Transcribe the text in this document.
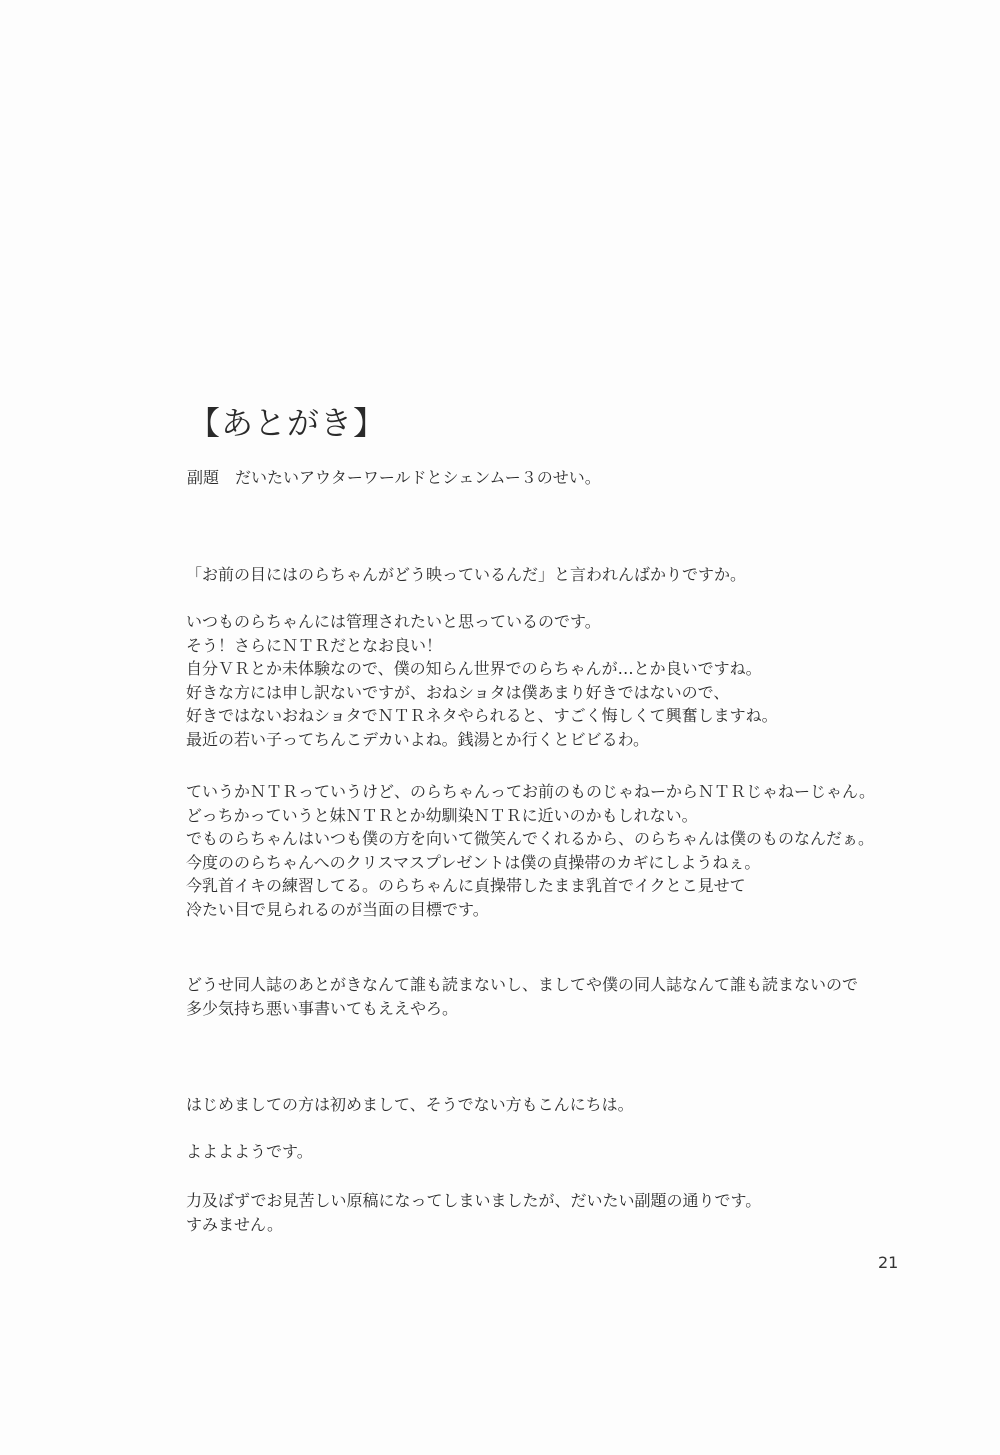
【あとがき】
副題　だいたいアウターワールドとシェンムー３のせい。
「お前の目にはのらちゃんがどう映っているんだ」と言われんばかりですか。
いつものらちゃんには管理されたいと思っているのです。
そう！さらにＮＴＲだとなお良い！
自分ＶＲとか未体験なので、僕の知らん世界でのらちゃんが…とか良いですね。
好きな方には申し訳ないですが、おねショタは僕あまり好きではないので、
好きではないおねショタでＮＴＲネタやられると、すごく悔しくて興奮しますね。
最近の若い子ってちんこデカいよね。銭湯とか行くとビビるわ。
ていうかＮＴＲっていうけど、のらちゃんってお前のものじゃねーからＮＴＲじゃねーじゃん。
どっちかっていうと妹ＮＴＲとか幼馴染ＮＴＲに近いのかもしれない。
でものらちゃんはいつも僕の方を向いて微笑んでくれるから、のらちゃんは僕のものなんだぁ。
今度ののらちゃんへのクリスマスプレゼントは僕の貞操帯のカギにしようねぇ。
今乳首イキの練習してる。のらちゃんに貞操帯したまま乳首でイクとこ見せて
冷たい目で見られるのが当面の目標です。
どうせ同人誌のあとがきなんて誰も読まないし、ましてや僕の同人誌なんて誰も読まないので
多少気持ち悪い事書いてもええやろ。
はじめましての方は初めまして、そうでない方もこんにちは。
よよよようです。
力及ばずでお見苦しい原稿になってしまいましたが、だいたい副題の通りです。
すみません。
21
